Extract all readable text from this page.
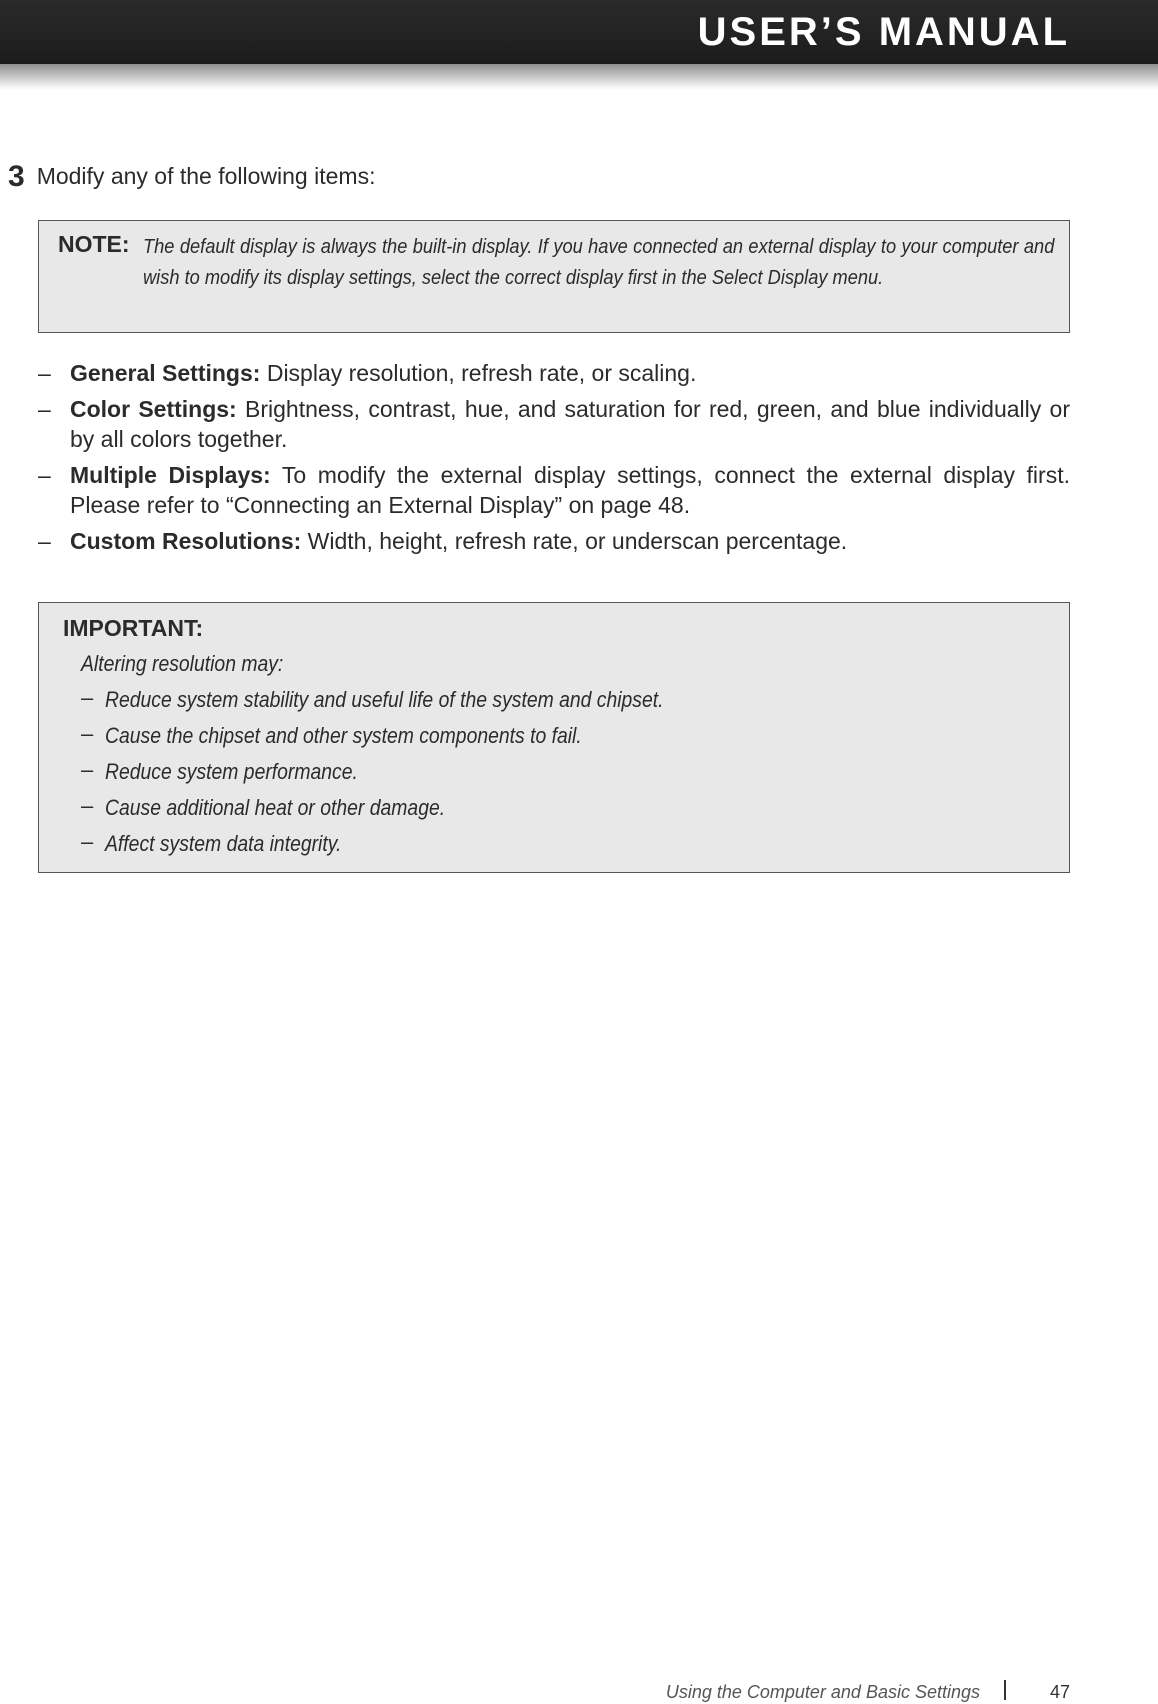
USER’S MANUAL
3 Modify any of the following items:
NOTE: The default display is always the built-in display. If you have connected an external display to your computer and wish to modify its display settings, select the correct display first in the Select Display menu.
– General Settings: Display resolution, refresh rate, or scaling.
– Color Settings: Brightness, contrast, hue, and saturation for red, green, and blue individually or by all colors together.
– Multiple Displays: To modify the external display settings, connect the external display first. Please refer to “Connecting an External Display” on page 48.
– Custom Resolutions: Width, height, refresh rate, or underscan percentage.
IMPORTANT:
Altering resolution may:
– Reduce system stability and useful life of the system and chipset.
– Cause the chipset and other system components to fail.
– Reduce system performance.
– Cause additional heat or other damage.
– Affect system data integrity.
Using the Computer and Basic Settings	47
